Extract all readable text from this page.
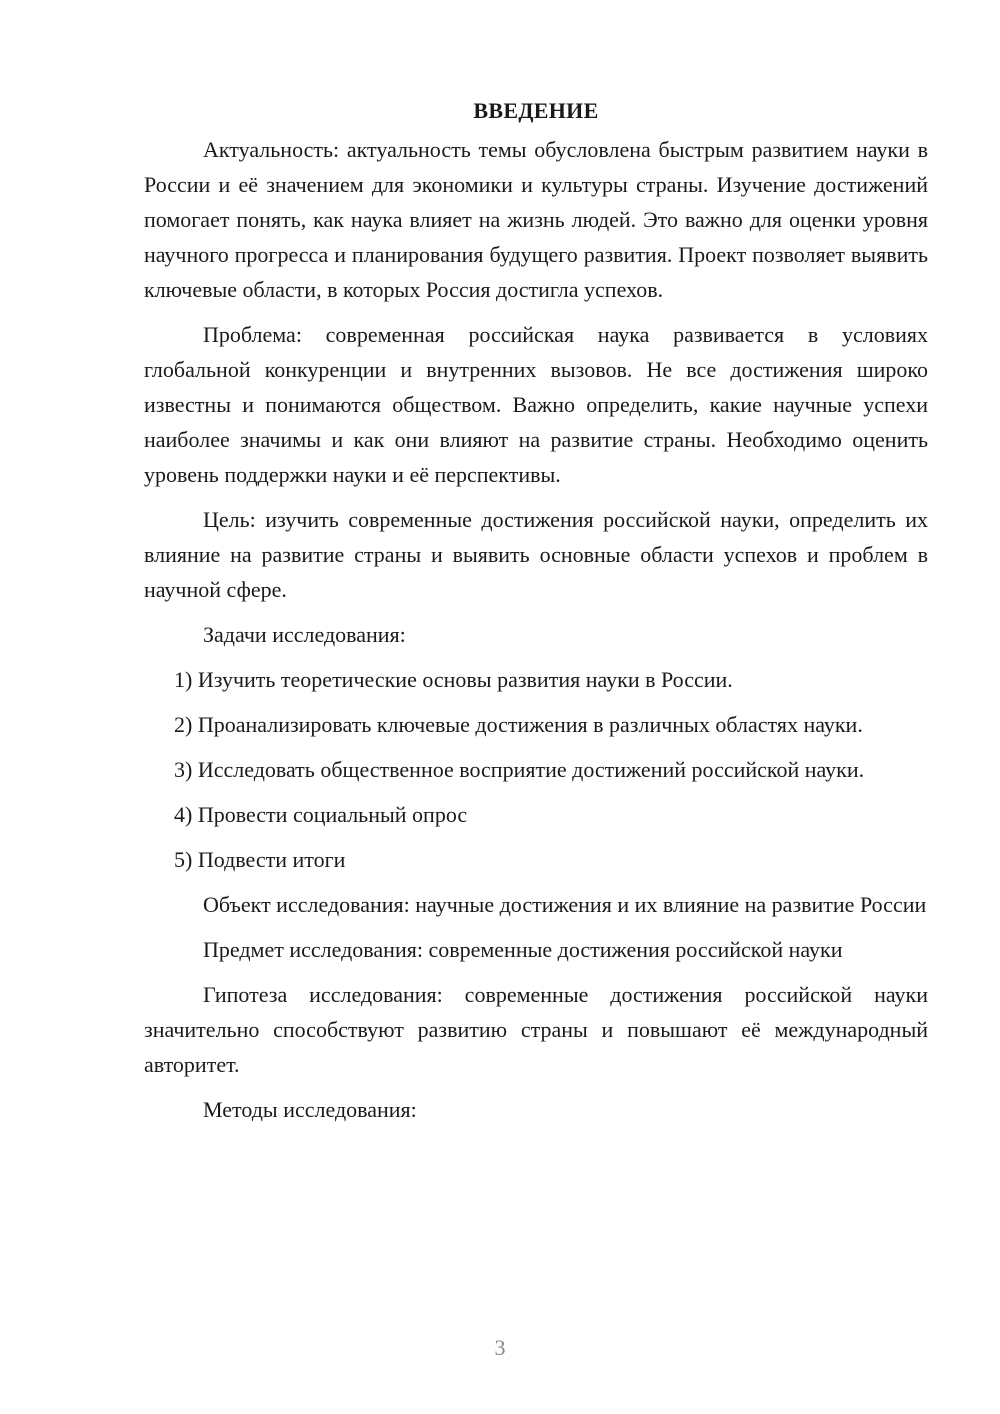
ВВЕДЕНИЕ

Актуальность: актуальность темы обусловлена быстрым развитием науки в России и её значением для экономики и культуры страны. Изучение достижений помогает понять, как наука влияет на жизнь людей. Это важно для оценки уровня научного прогресса и планирования будущего развития. Проект позволяет выявить ключевые области, в которых Россия достигла успехов.

Проблема: современная российская наука развивается в условиях глобальной конкуренции и внутренних вызовов. Не все достижения широко известны и понимаются обществом. Важно определить, какие научные успехи наиболее значимы и как они влияют на развитие страны. Необходимо оценить уровень поддержки науки и её перспективы.

Цель: изучить современные достижения российской науки, определить их влияние на развитие страны и выявить основные области успехов и проблем в научной сфере.

Задачи исследования:

1) Изучить теоретические основы развития науки в России.

2) Проанализировать ключевые достижения в различных областях науки.

3) Исследовать общественное восприятие достижений российской науки.

4) Провести социальный опрос

5) Подвести итоги

Объект исследования: научные достижения и их влияние на развитие России

Предмет исследования: современные достижения российской науки

Гипотеза исследования: современные достижения российской науки значительно способствуют развитию страны и повышают её международный авторитет.

Методы исследования:

3
